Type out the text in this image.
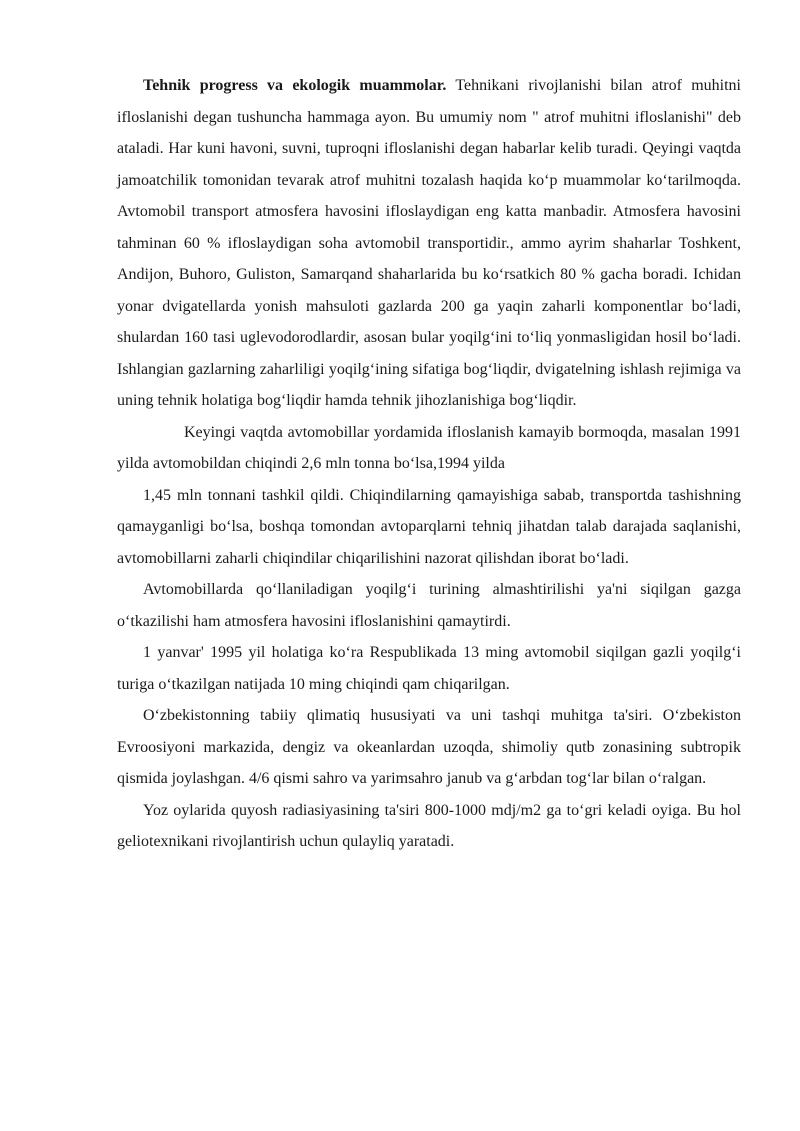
Tehnik progress va ekologik muammolar. Tehnikani rivojlanishi bilan atrof muhitni ifloslanishi degan tushuncha hammaga ayon. Bu umumiy nom " atrof muhitni ifloslanishi" deb ataladi. Har kuni havoni, suvni, tuproqni ifloslanishi degan habarlar kelib turadi. Qeyingi vaqtda jamoatchilik tomonidan tevarak atrof muhitni tozalash haqida ko‘p muammolar ko‘tarilmoqda. Avtomobil transport atmosfera havosini ifloslaydigan eng katta manbadir. Atmosfera havosini tahminan 60 % ifloslaydigan soha avtomobil transportidir., ammo ayrim shaharlar Toshkent, Andijon, Buhoro, Guliston, Samarqand shaharlarida bu ko‘rsatkich 80 % gacha boradi. Ichidan yonar dvigatellarda yonish mahsuloti gazlarda 200 ga yaqin zaharli komponentlar bo‘ladi, shulardan 160 tasi uglevodorodlardir, asosan bular yoqilg‘ini to‘liq yonmasligidan hosil bo‘ladi. Ishlangian gazlarning zaharliligi yoqilg‘ining sifatiga bog‘liqdir, dvigatelning ishlash rejimiga va uning tehnik holatiga bog‘liqdir hamda tehnik jihozlanishiga bog‘liqdir.

Keyingi vaqtda avtomobillar yordamida ifloslanish kamayib bormoqda, masalan 1991 yilda avtomobildan chiqindi 2,6 mln tonna bo‘lsa,1994 yilda

1,45 mln tonnani tashkil qildi. Chiqindilarning qamayishiga sabab, transportda tashishning qamayganligi bo‘lsa, boshqa tomondan avtoparqlarni tehniq jihatdan talab darajada saqlanishi, avtomobillarni zaharli chiqindilar chiqarilishini nazorat qilishdan iborat bo‘ladi.

Avtomobillarda qo‘llaniladigan yoqilg‘i turining almashtirilishi ya'ni siqilgan gazga o‘tkazilishi ham atmosfera havosini ifloslanishini qamaytirdi.

1 yanvar' 1995 yil holatiga ko‘ra Respublikada 13 ming avtomobil siqilgan gazli yoqilg‘i turiga o‘tkazilgan natijada 10 ming chiqindi qam chiqarilgan.

O‘zbekistonning tabiiy qlimatiq hususiyati va uni tashqi muhitga ta'siri. O‘zbekiston Evroosiyoni markazida, dengiz va okeanlardan uzoqda, shimoliy qutb zonasining subtropik qismida joylashgan. 4/6 qismi sahro va yarimsahro janub va g‘arbdan tog‘lar bilan o‘ralgan.

Yoz oylarida quyosh radiasiyasining ta'siri 800-1000 mdj/m2 ga to‘gri keladi oyiga. Bu hol geliotexnikani rivojlantirish uchun qulayliq yaratadi.
